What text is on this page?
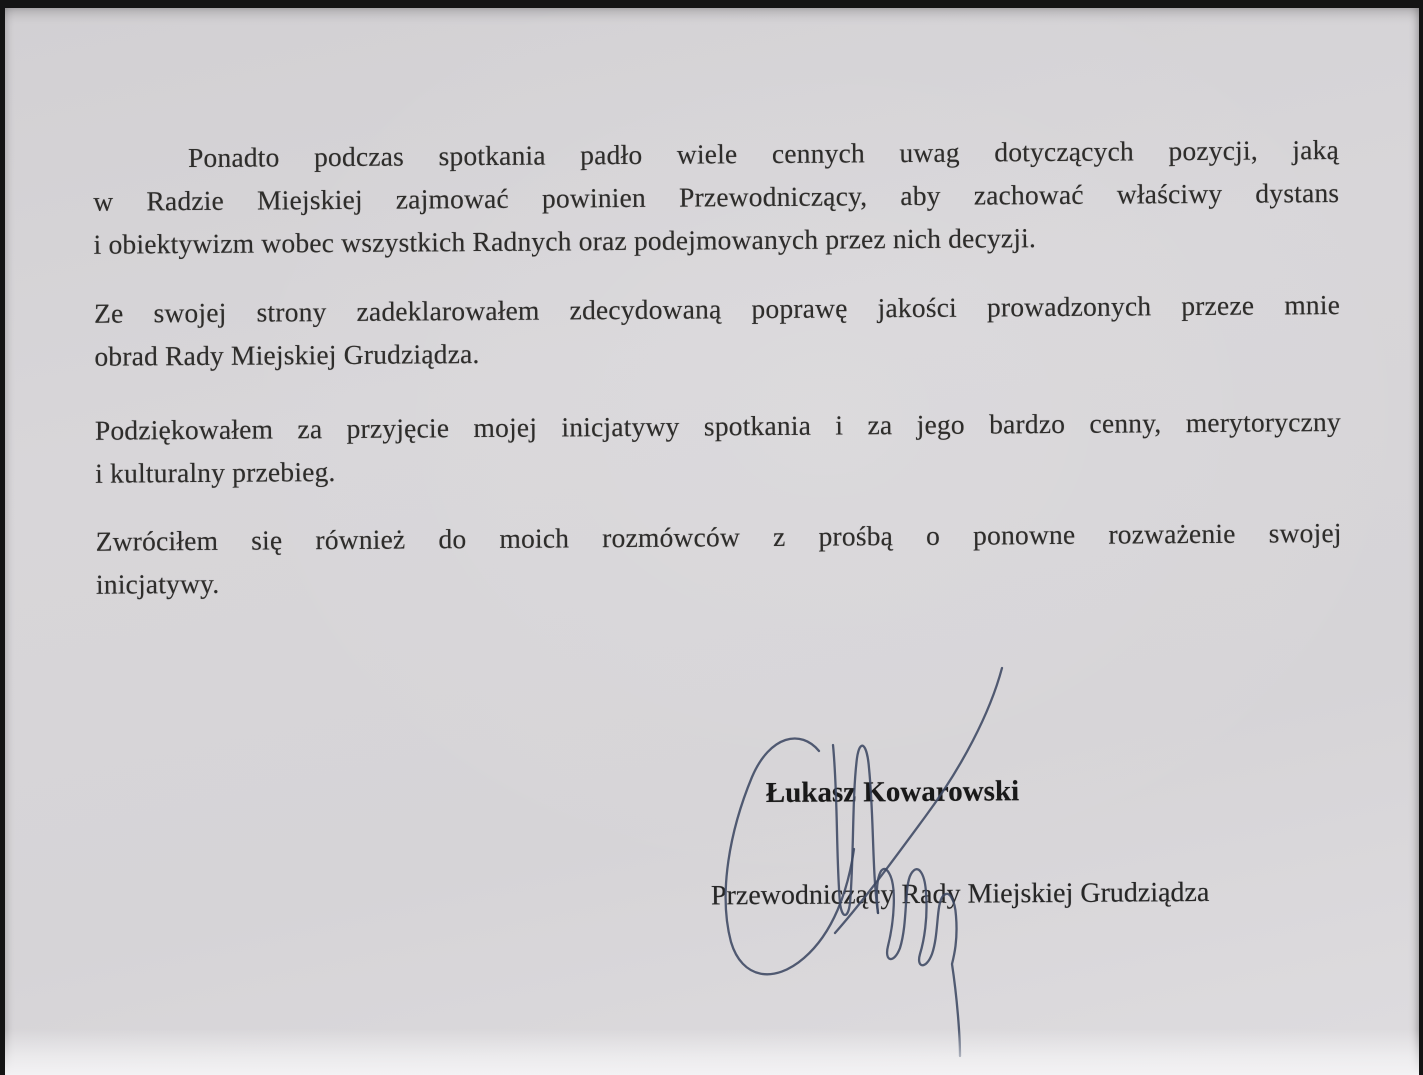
Ponadto podczas spotkania padło wiele cennych uwag dotyczących pozycji, jaką
w Radzie Miejskiej zajmować powinien Przewodniczący, aby zachować właściwy dystans
i obiektywizm wobec wszystkich Radnych oraz podejmowanych przez nich decyzji.

Ze swojej strony zadeklarowałem zdecydowaną poprawę jakości prowadzonych przeze mnie
obrad Rady Miejskiej Grudziądza.

Podziękowałem za przyjęcie mojej inicjatywy spotkania i za jego bardzo cenny, merytoryczny
i kulturalny przebieg.

Zwróciłem się również do moich rozmówców z prośbą o ponowne rozważenie swojej
inicjatywy.

Łukasz Kowarowski
Przewodniczący Rady Miejskiej Grudziądza
